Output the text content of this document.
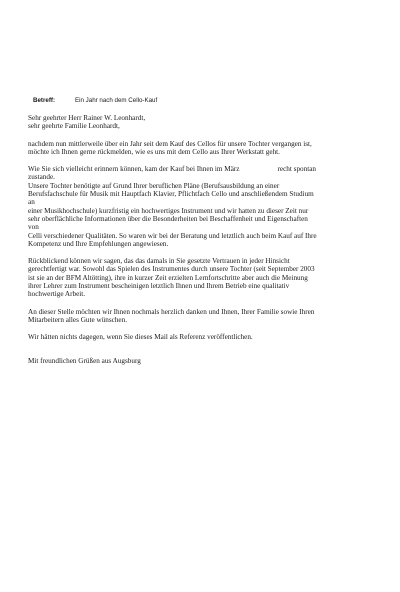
Betreff:	Ein Jahr nach dem Cello-Kauf
Sehr geehrter Herr Rainer W. Leonhardt,
sehr geehrte Familie Leonhardt,
nachdem nun mittlerweile über ein Jahr seit dem Kauf des Cellos für unsere Tochter vergangen ist,
möchte ich Ihnen gerne rückmelden, wie es uns mit dem Cello aus Ihrer Werkstatt geht.
Wie Sie sich vielleicht erinnern können, kam der Kauf bei Ihnen im März	recht spontan
zustande.
Unsere Tochter benötigte auf Grund Ihrer beruflichen Pläne (Berufsausbildung an einer
Berufsfachschule für Musik mit Hauptfach Klavier, Pflichtfach Cello und anschließendem Studium
an
einer Musikhochschule) kurzfristig ein hochwertiges Instrument und wir hatten zu dieser Zeit nur
sehr oberflächliche Informationen über die Besonderheiten bei Beschaffenheit und Eigenschaften
von
Celli verschiedener Qualitäten. So waren wir bei der Beratung und letztlich auch beim Kauf auf Ihre
Kompetenz und Ihre Empfehlungen angewiesen.
Rückblickend können wir sagen, das das damals in Sie gesetzte Vertrauen in jeder Hinsicht
gerechtfertigt war. Sowohl das Spielen des Instrumentes durch unsere Tochter (seit September 2003
ist sie an der BFM Altötting), ihre in kurzer Zeit erzielten Lernfortschritte aber auch die Meinung
ihrer Lehrer zum Instrument bescheinigen letztlich Ihnen und Ihrem Betrieb eine qualitativ
hochwertige Arbeit.
An dieser Stelle möchten wir Ihnen nochmals herzlich danken und Ihnen, Ihrer Familie sowie Ihren
Mitarbeitern alles Gute wünschen.
Wir hätten nichts dagegen, wenn Sie dieses Mail als Referenz veröffentlichen.
Mit freundlichen Grüßen aus Augsburg
